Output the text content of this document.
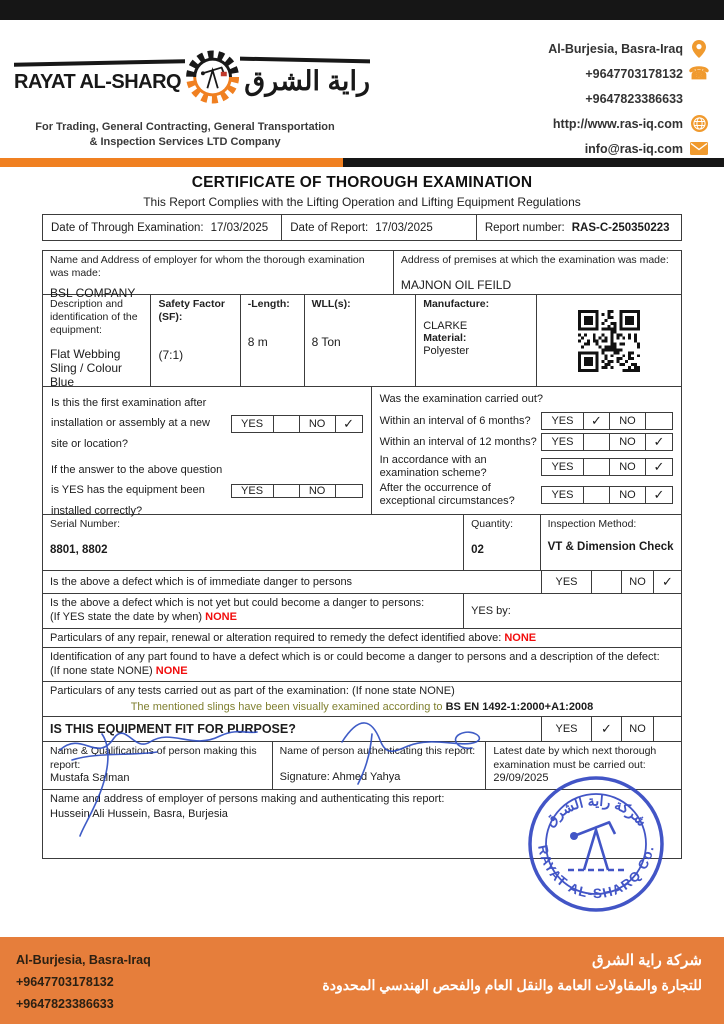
RAYAT AL-SHARQ راية الشرق
For Trading, General Contracting, General Transportation
& Inspection Services LTD Company
Al-Burjesia, Basra-Iraq
+9647703178132 ☎
+9647823386633
http://www.ras-iq.com
info@ras-iq.com
CERTIFICATE OF THOROUGH EXAMINATION
This Report Complies with the Lifting Operation and Lifting Equipment Regulations
Date of Through Examination: 17/03/2025 Date of Report: 17/03/2025	Report number: RAS-C-250350223
Name and Address of employer for whom the thorough examination was made:
BSL COMPANY
Address of premises at which the examination was made:
MAJNON OIL FEILD
Description and identification of the equipment:
Flat Webbing Sling / Colour Blue
Safety Factor (SF):
(7:1)
-Length:
8 m
WLL(s):
8 Ton
Manufacture:
CLARKE
Material:
Polyester
Is this the first examination after installation or assembly at a new site or location?
YES	NO	✓
If the answer to the above question is YES has the equipment been installed correctly?
YES	NO
Was the examination carried out?
Within an interval of 6 months?	YES	✓	NO
Within an interval of 12 months?	YES	NO	✓
In accordance with an examination scheme?	YES	NO	✓
After the occurrence of exceptional circumstances?	YES	NO	✓
Serial Number:
8801, 8802
Quantity:
02
Inspection Method:
VT & Dimension Check
Is the above a defect which is of immediate danger to persons	YES	NO	✓
Is the above a defect which is not yet but could become a danger to persons:
(If YES state the date by when) NONE	YES by:
Particulars of any repair, renewal or alteration required to remedy the defect identified above: NONE
Identification of any part found to have a defect which is or could become a danger to persons and a description of the defect:
(If none state NONE) NONE
Particulars of any tests carried out as part of the examination: (If none state NONE)
The mentioned slings have been visually examined according to BS EN 1492-1:2000+A1:2008
IS THIS EQUIPMENT FIT FOR PURPOSE?	YES	✓	NO
Name & Qualifications of person making this report:
Mustafa Salman
Name of person authenticating this report:
Signature: Ahmed Yahya
Latest date by which next thorough examination must be carried out:
29/09/2025
Name and address of employer of persons making and authenticating this report:
Hussein Ali Hussein, Basra, Burjesia	شركة راية الشرق
RAYAT AL-SHARQ Co.
Al-Burjesia, Basra-Iraq
+9647703178132
+9647823386633
شركة راية الشرق
للتجارة والمقاولات العامة والنقل العام والفحص الهندسي المحدودة
